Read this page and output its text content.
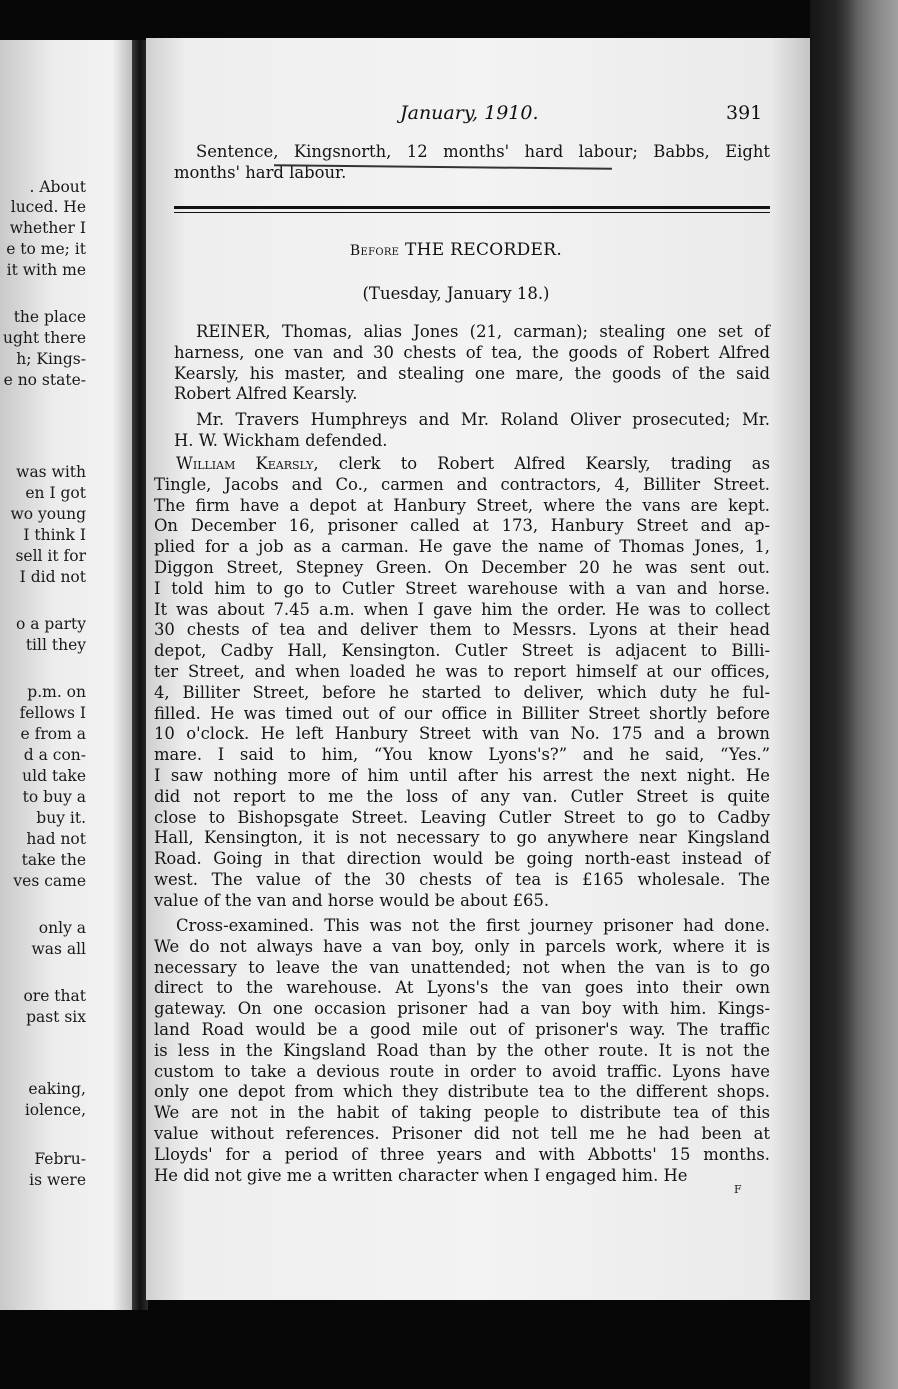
. About
luced. He
whether I
e to me; it
it with me
the place
ught there
h; Kings-
e no state-
was with
en I got
wo young
I think I
sell it for
I did not
o a party
till they
p.m. on
fellows I
e from a
d a con-
uld take
to buy a
buy it.
had not
take the
ves came
only a
was all
ore that
past six
eaking,
iolence,
Febru-
is were
January, 1910.	391
Sentence, Kingsnorth, 12 months' hard labour; Babbs, Eight
months' hard labour.
Before THE RECORDER.
(Tuesday, January 18.)
REINER, Thomas, alias Jones (21, carman); stealing one set of
harness, one van and 30 chests of tea, the goods of Robert Alfred
Kearsly, his master, and stealing one mare, the goods of the said
Robert Alfred Kearsly.
Mr. Travers Humphreys and Mr. Roland Oliver prosecuted; Mr.
H. W. Wickham defended.
William Kearsly, clerk to Robert Alfred Kearsly, trading as
Tingle, Jacobs and Co., carmen and contractors, 4, Billiter Street.
The firm have a depot at Hanbury Street, where the vans are kept.
On December 16, prisoner called at 173, Hanbury Street and ap-
plied for a job as a carman. He gave the name of Thomas Jones, 1,
Diggon Street, Stepney Green. On December 20 he was sent out.
I told him to go to Cutler Street warehouse with a van and horse.
It was about 7.45 a.m. when I gave him the order. He was to collect
30 chests of tea and deliver them to Messrs. Lyons at their head
depot, Cadby Hall, Kensington. Cutler Street is adjacent to Billi-
ter Street, and when loaded he was to report himself at our offices,
4, Billiter Street, before he started to deliver, which duty he ful-
filled. He was timed out of our office in Billiter Street shortly before
10 o'clock. He left Hanbury Street with van No. 175 and a brown
mare. I said to him, “You know Lyons's?” and he said, “Yes.”
I saw nothing more of him until after his arrest the next night. He
did not report to me the loss of any van. Cutler Street is quite
close to Bishopsgate Street. Leaving Cutler Street to go to Cadby
Hall, Kensington, it is not necessary to go anywhere near Kingsland
Road. Going in that direction would be going north-east instead of
west. The value of the 30 chests of tea is £165 wholesale. The
value of the van and horse would be about £65.
Cross-examined. This was not the first journey prisoner had done.
We do not always have a van boy, only in parcels work, where it is
necessary to leave the van unattended; not when the van is to go
direct to the warehouse. At Lyons's the van goes into their own
gateway. On one occasion prisoner had a van boy with him. Kings-
land Road would be a good mile out of prisoner's way. The traffic
is less in the Kingsland Road than by the other route. It is not the
custom to take a devious route in order to avoid traffic. Lyons have
only one depot from which they distribute tea to the different shops.
We are not in the habit of taking people to distribute tea of this
value without references. Prisoner did not tell me he had been at
Lloyds' for a period of three years and with Abbotts' 15 months.
He did not give me a written character when I engaged him. He
F
